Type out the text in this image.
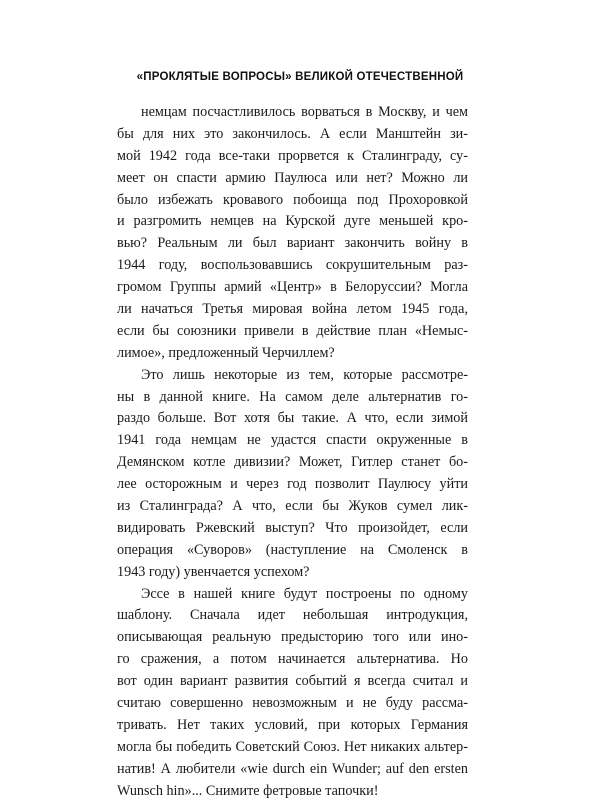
«ПРОКЛЯТЫЕ ВОПРОСЫ» ВЕЛИКОЙ ОТЕЧЕСТВЕННОЙ
немцам посчастливилось ворваться в Москву, и чем
бы для них это закончилось. А если Манштейн зи-
мой 1942 года все-таки прорвется к Сталинграду, су-
меет он спасти армию Паулюса или нет? Можно ли
было избежать кровавого побоища под Прохоровкой
и разгромить немцев на Курской дуге меньшей кро-
вью? Реальным ли был вариант закончить войну в
1944 году, воспользовавшись сокрушительным раз-
громом Группы армий «Центр» в Белоруссии? Могла
ли начаться Третья мировая война летом 1945 года,
если бы союзники привели в действие план «Немыс-
лимое», предложенный Черчиллем?
Это лишь некоторые из тем, которые рассмотре-
ны в данной книге. На самом деле альтернатив го-
раздо больше. Вот хотя бы такие. А что, если зимой
1941 года немцам не удастся спасти окруженные в
Демянском котле дивизии? Может, Гитлер станет бо-
лее осторожным и через год позволит Паулюсу уйти
из Сталинграда? А что, если бы Жуков сумел лик-
видировать Ржевский выступ? Что произойдет, если
операция «Суворов» (наступление на Смоленск в
1943 году) увенчается успехом?
Эссе в нашей книге будут построены по одному
шаблону. Сначала идет небольшая интродукция,
описывающая реальную предысторию того или ино-
го сражения, а потом начинается альтернатива. Но
вот один вариант развития событий я всегда считал и
считаю совершенно невозможным и не буду рассма-
тривать. Нет таких условий, при которых Германия
могла бы победить Советский Союз. Нет никаких альтер-
натив! А любители «wie durch ein Wunder; auf den ersten
Wunsch hin»... Снимите фетровые тапочки!
